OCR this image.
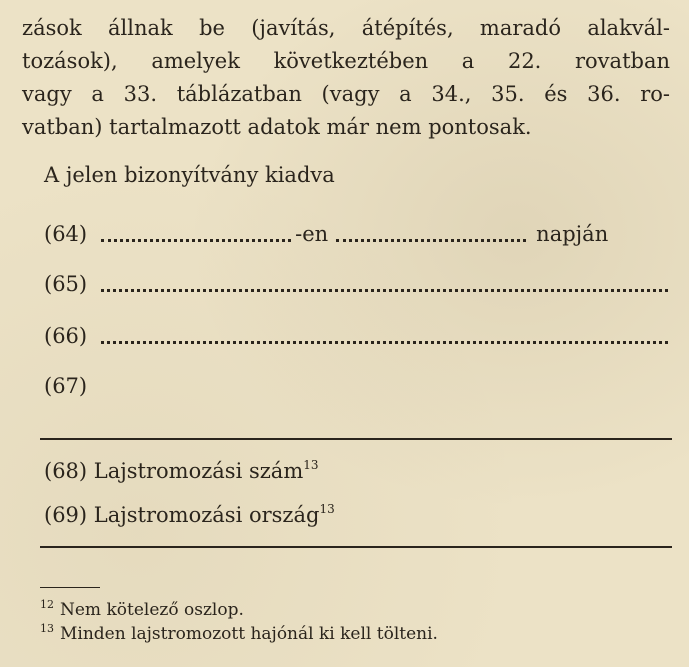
zások állnak be (javítás, átépítés, maradó alakvál-
tozások), amelyek következtében a 22. rovatban
vagy a 33. táblázatban (vagy a 34., 35. és 36. ro-
vatban) tartalmazott adatok már nem pontosak.
A jelen bizonyítvány kiadva
(64)	-en	napján
(65)
(66)
(67)
(68) Lajstromozási szám$^{13}$
(69) Lajstromozási ország$^{13}$
$^{12}$ Nem kötelező oszlop.
$^{13}$ Minden lajstromozott hajónál ki kell tölteni.
